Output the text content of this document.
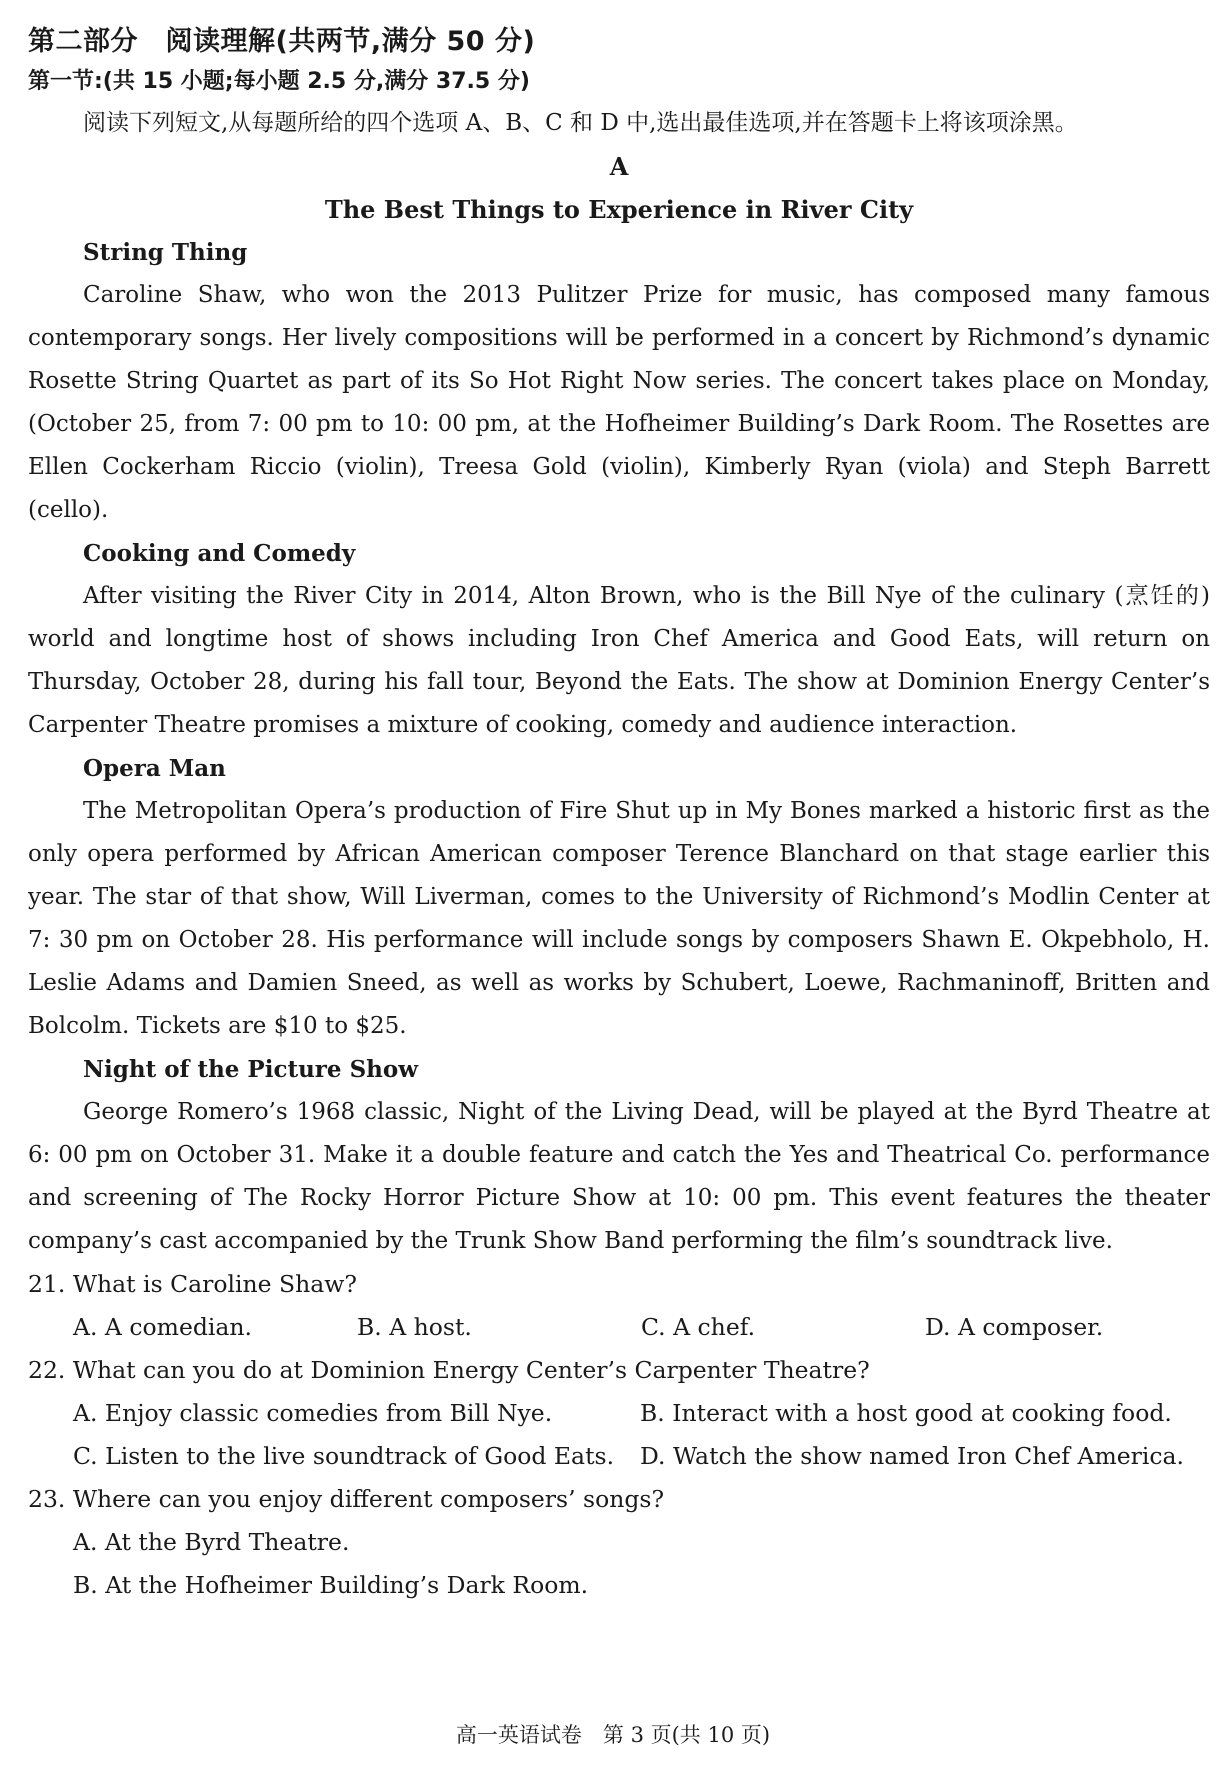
第二部分　阅读理解(共两节,满分 50 分)
第一节:(共 15 小题;每小题 2.5 分,满分 37.5 分)

阅读下列短文,从每题所给的四个选项 A、B、C 和 D 中,选出最佳选项,并在答题卡上将该项涂黑。

A

The Best Things to Experience in River City

String Thing

Caroline Shaw, who won the 2013 Pulitzer Prize for music, has composed many famous contemporary songs. Her lively compositions will be performed in a concert by Richmond’s dynamic Rosette String Quartet as part of its So Hot Right Now series. The concert takes place on Monday,(October 25, from 7: 00 pm to 10: 00 pm, at the Hofheimer Building’s Dark Room. The Rosettes are Ellen Cockerham Riccio (violin), Treesa Gold (violin), Kimberly Ryan (viola) and Steph Barrett (cello).

Cooking and Comedy

After visiting the River City in 2014, Alton Brown, who is the Bill Nye of the culinary (烹饪的) world and longtime host of shows including Iron Chef America and Good Eats, will return on Thursday, October 28, during his fall tour, Beyond the Eats. The show at Dominion Energy Center’s Carpenter Theatre promises a mixture of cooking, comedy and audience interaction.

Opera Man

The Metropolitan Opera’s production of Fire Shut up in My Bones marked a historic first as the only opera performed by African American composer Terence Blanchard on that stage earlier this year. The star of that show, Will Liverman, comes to the University of Richmond’s Modlin Center at 7: 30 pm on October 28. His performance will include songs by composers Shawn E. Okpebholo, H. Leslie Adams and Damien Sneed, as well as works by Schubert, Loewe, Rachmaninoff, Britten and Bolcolm. Tickets are $10 to $25.

Night of the Picture Show

George Romero’s 1968 classic, Night of the Living Dead, will be played at the Byrd Theatre at 6: 00 pm on October 31. Make it a double feature and catch the Yes and Theatrical Co. performance and screening of The Rocky Horror Picture Show at 10: 00 pm. This event features the theater company’s cast accompanied by the Trunk Show Band performing the film’s soundtrack live.

21. What is Caroline Shaw?

A. A comedian.	B. A host.	C. A chef.	D. A composer.

22. What can you do at Dominion Energy Center’s Carpenter Theatre?

A. Enjoy classic comedies from Bill Nye.	B. Interact with a host good at cooking food.
C. Listen to the live soundtrack of Good Eats.	D. Watch the show named Iron Chef America.

23. Where can you enjoy different composers’ songs?

A. At the Byrd Theatre.
B. At the Hofheimer Building’s Dark Room.
高一英语试卷　第 3 页(共 10 页)
